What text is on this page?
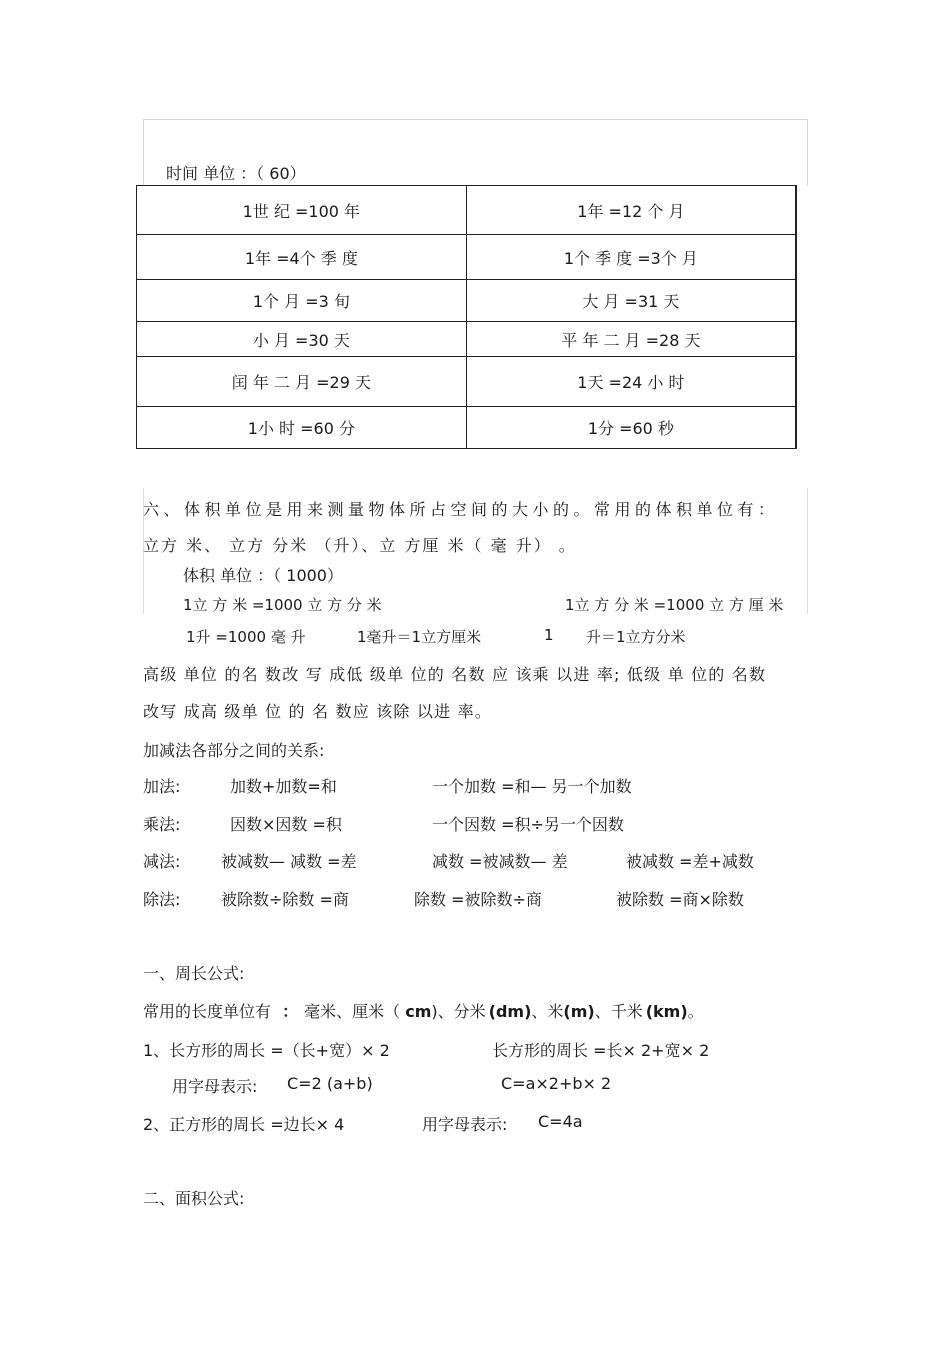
时间 单位 ：（ 60）
1世 纪 =100 年	1年 =12 个 月
1年 =4个 季 度	1个 季 度 =3个 月
1个 月 =3 旬	大 月 =31 天
小 月 =30 天	平 年 二 月 =28 天
闰 年 二 月 =29 天	1天 =24 小 时
1小 时 =60 分	1分 =60 秒
六、体积单位是用来测量物体所占空间的大小的。常用的体积单位有：
立方 米、 立方 分米 （升）、立 方厘 米（ 毫 升） 。
体积 单位 ：（ 1000）
1立 方 米 =1000 立 方 分 米	1立 方 分 米 =1000 立 方 厘 米
1升 =1000 毫 升	1毫升＝1立方厘米	1 升＝1立方分米
高级 单位 的名 数改 写 成低 级单 位的 名数 应 该乘 以进 率; 低级 单 位的 名数
改写 成高 级单 位 的 名 数应 该除 以进 率。
加减法各部分之间的关系:
加法:	加数+加数=和	一个加数 =和— 另一个加数
乘法:	因数×因数 =积	一个因数 =积÷另一个因数
减法:	被减数— 减数 =差	减数 =被减数— 差	被减数 =差+减数
除法:	被除数÷除数 =商	除数 =被除数÷商	被除数 =商×除数
一、周长公式:
常用的长度单位有 ： 毫米、厘米（ cm)、分米 (dm)、米(m)、千米 (km)。
1、长方形的周长 =（长+宽）× 2	长方形的周长 =长× 2+宽× 2
用字母表示: C=2 (a+b)	C=a×2+b× 2
2、正方形的周长 =边长× 4	用字母表示: C=4a
二、面积公式:
